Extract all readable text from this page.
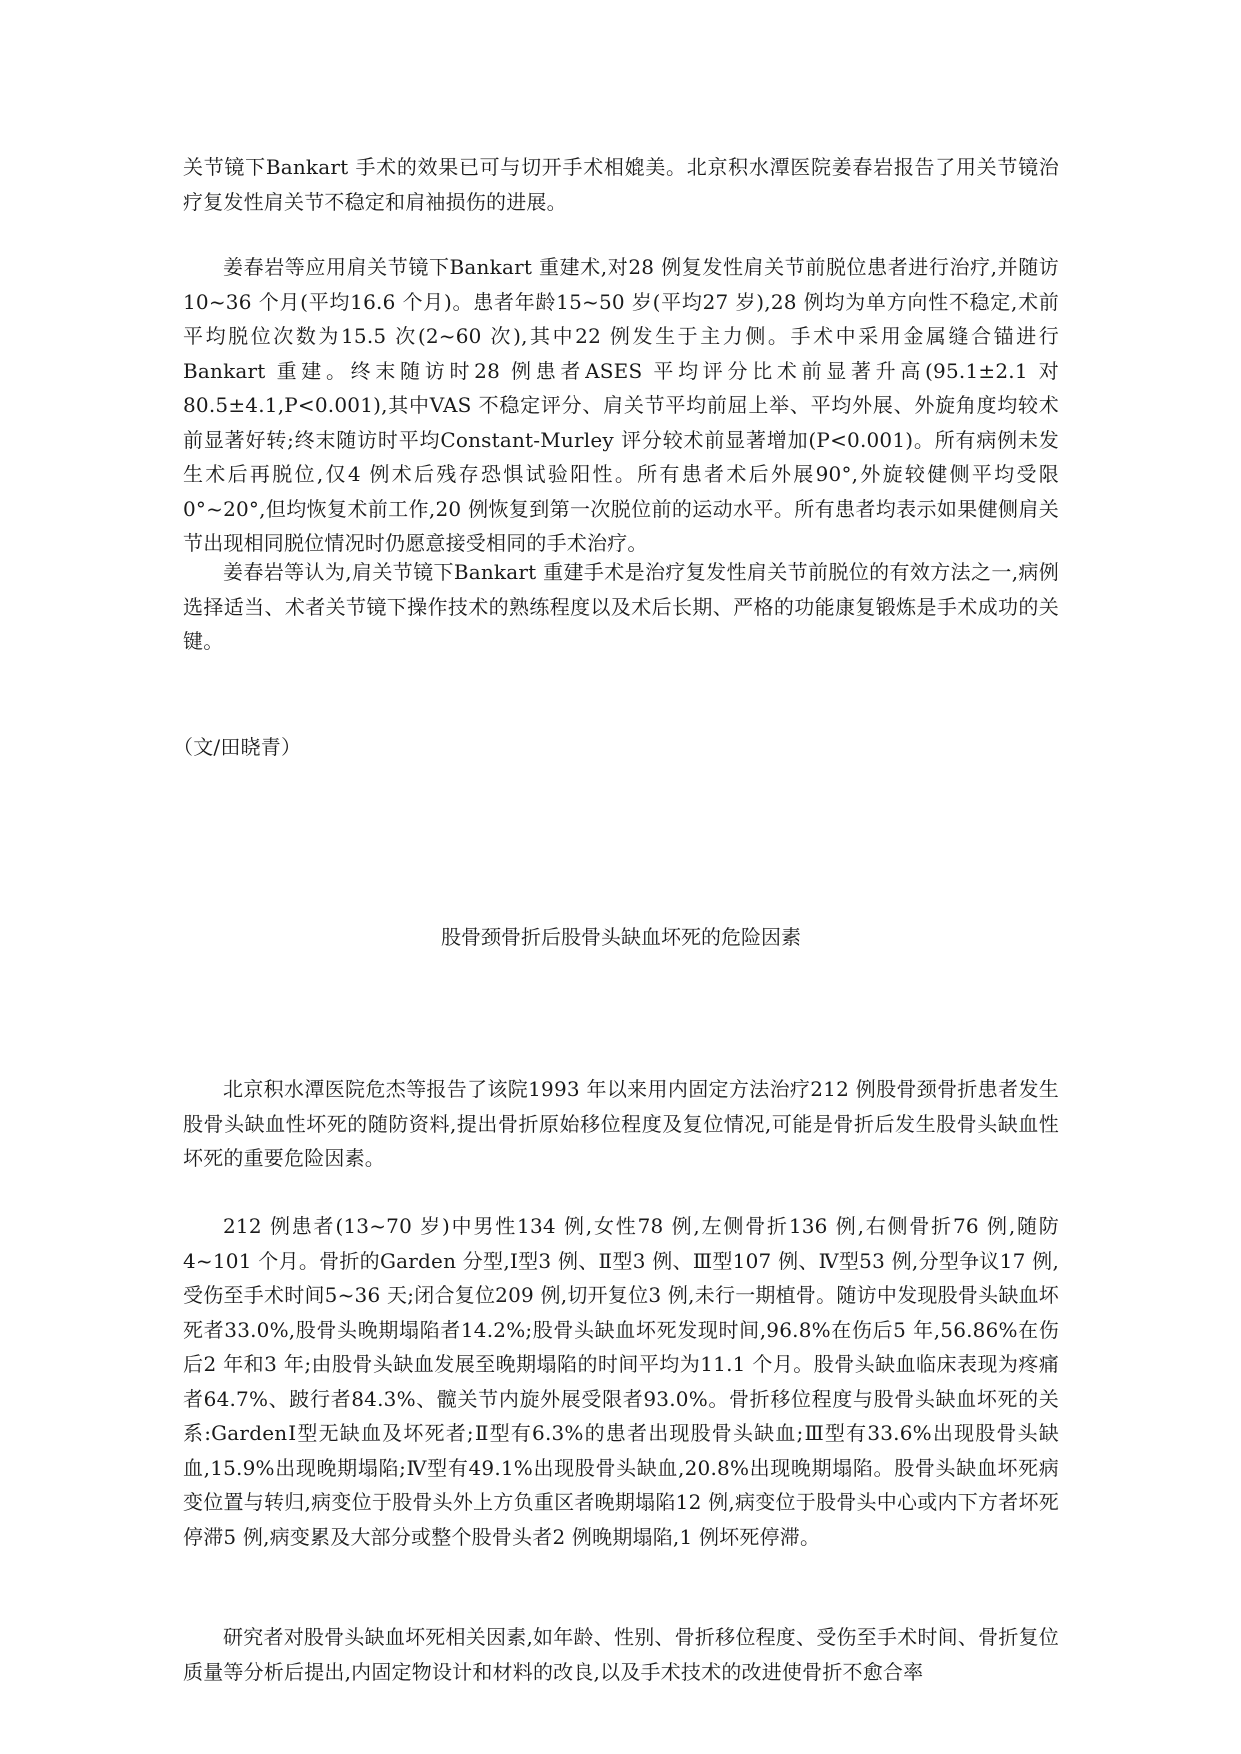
关节镜下Bankart 手术的效果已可与切开手术相媲美。北京积水潭医院姜春岩报告了用关节镜治疗复发性肩关节不稳定和肩袖损伤的进展。

姜春岩等应用肩关节镜下Bankart 重建术,对28 例复发性肩关节前脱位患者进行治疗,并随访10~36 个月(平均16.6 个月)。患者年龄15~50 岁(平均27 岁),28 例均为单方向性不稳定,术前平均脱位次数为15.5 次(2~60 次),其中22 例发生于主力侧。手术中采用金属缝合锚进行Bankart 重建。终末随访时28 例患者ASES 平均评分比术前显著升高(95.1±2.1 对80.5±4.1,P<0.001),其中VAS 不稳定评分、肩关节平均前屈上举、平均外展、外旋角度均较术前显著好转;终末随访时平均Constant-Murley 评分较术前显著增加(P<0.001)。所有病例未发生术后再脱位,仅4 例术后残存恐惧试验阳性。所有患者术后外展90°,外旋较健侧平均受限0°~20°,但均恢复术前工作,20 例恢复到第一次脱位前的运动水平。所有患者均表示如果健侧肩关节出现相同脱位情况时仍愿意接受相同的手术治疗。

姜春岩等认为,肩关节镜下Bankart 重建手术是治疗复发性肩关节前脱位的有效方法之一,病例选择适当、术者关节镜下操作技术的熟练程度以及术后长期、严格的功能康复锻炼是手术成功的关键。

（文/田晓青）

股骨颈骨折后股骨头缺血坏死的危险因素

北京积水潭医院危杰等报告了该院1993 年以来用内固定方法治疗212 例股骨颈骨折患者发生股骨头缺血性坏死的随防资料,提出骨折原始移位程度及复位情况,可能是骨折后发生股骨头缺血性坏死的重要危险因素。

212 例患者(13~70 岁)中男性134 例,女性78 例,左侧骨折136 例,右侧骨折76 例,随防4~101 个月。骨折的Garden 分型,Ⅰ型3 例、Ⅱ型3 例、Ⅲ型107 例、Ⅳ型53 例,分型争议17 例,受伤至手术时间5~36 天;闭合复位209 例,切开复位3 例,未行一期植骨。随访中发现股骨头缺血坏死者33.0%,股骨头晚期塌陷者14.2%;股骨头缺血坏死发现时间,96.8%在伤后5 年,56.86%在伤后2 年和3 年;由股骨头缺血发展至晚期塌陷的时间平均为11.1 个月。股骨头缺血临床表现为疼痛者64.7%、跛行者84.3%、髋关节内旋外展受限者93.0%。骨折移位程度与股骨头缺血坏死的关系:GardenⅠ型无缺血及坏死者;Ⅱ型有6.3%的患者出现股骨头缺血;Ⅲ型有33.6%出现股骨头缺血,15.9%出现晚期塌陷;Ⅳ型有49.1%出现股骨头缺血,20.8%出现晚期塌陷。股骨头缺血坏死病变位置与转归,病变位于股骨头外上方负重区者晚期塌陷12 例,病变位于股骨头中心或内下方者坏死停滞5 例,病变累及大部分或整个股骨头者2 例晚期塌陷,1 例坏死停滞。

研究者对股骨头缺血坏死相关因素,如年龄、性别、骨折移位程度、受伤至手术时间、骨折复位质量等分析后提出,内固定物设计和材料的改良,以及手术技术的改进使骨折不愈合率
